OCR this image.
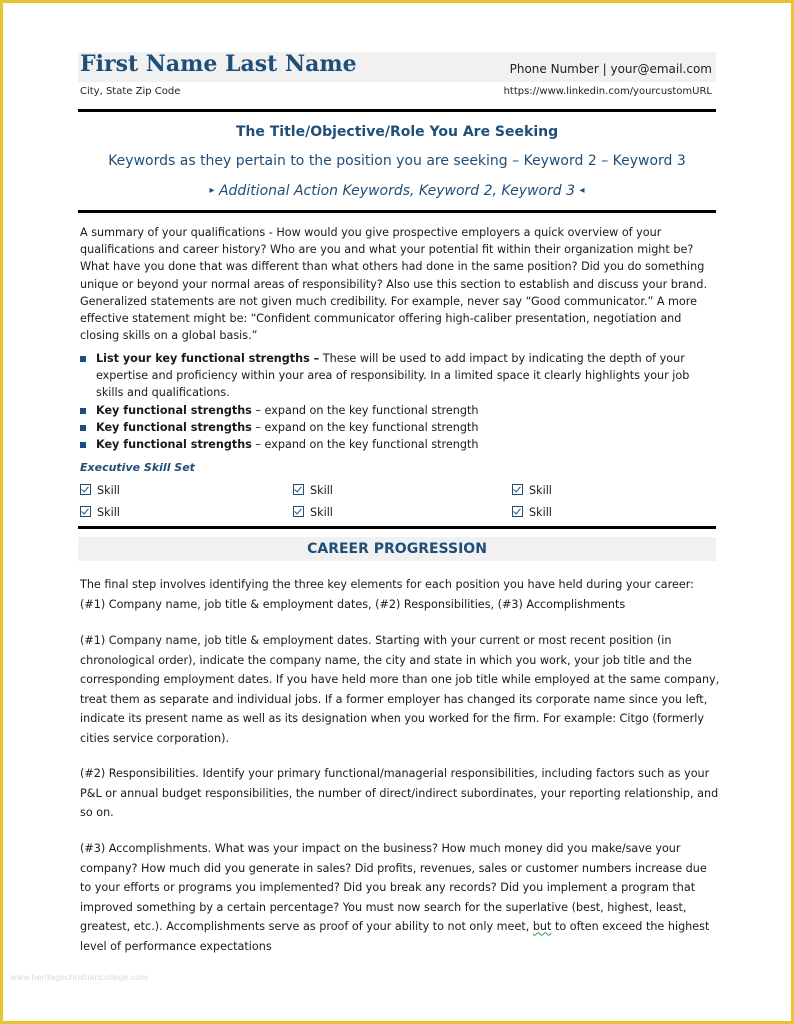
First Name Last Name	Phone Number | your@email.com
City, State Zip Code	https://www.linkedin.com/yourcustomURL
The Title/Objective/Role You Are Seeking
Keywords as they pertain to the position you are seeking – Keyword 2 – Keyword 3
▸ Additional Action Keywords, Keyword 2, Keyword 3 ◂

A summary of your qualifications - How would you give prospective employers a quick overview of your qualifications and career history? Who are you and what your potential fit within their organization might be? What have you done that was different than what others had done in the same position? Did you do something unique or beyond your normal areas of responsibility? Also use this section to establish and discuss your brand. Generalized statements are not given much credibility. For example, never say “Good communicator.” A more effective statement might be: “Confident communicator offering high-caliber presentation, negotiation and closing skills on a global basis.”

List your key functional strengths – These will be used to add impact by indicating the depth of your expertise and proficiency within your area of responsibility. In a limited space it clearly highlights your job skills and qualifications.
Key functional strengths – expand on the key functional strength
Key functional strengths – expand on the key functional strength
Key functional strengths – expand on the key functional strength
Executive Skill Set
Skill	Skill	Skill
Skill	Skill	Skill
CAREER PROGRESSION

The final step involves identifying the three key elements for each position you have held during your career: (#1) Company name, job title & employment dates, (#2) Responsibilities, (#3) Accomplishments

(#1) Company name, job title & employment dates. Starting with your current or most recent position (in chronological order), indicate the company name, the city and state in which you work, your job title and the corresponding employment dates. If you have held more than one job title while employed at the same company, treat them as separate and individual jobs. If a former employer has changed its corporate name since you left, indicate its present name as well as its designation when you worked for the firm. For example: Citgo (formerly cities service corporation).

(#2) Responsibilities. Identify your primary functional/managerial responsibilities, including factors such as your P&L or annual budget responsibilities, the number of direct/indirect subordinates, your reporting relationship, and so on.

(#3) Accomplishments. What was your impact on the business? How much money did you make/save your company? How much did you generate in sales? Did profits, revenues, sales or customer numbers increase due to your efforts or programs you implemented? Did you break any records? Did you implement a program that improved something by a certain percentage? You must now search for the superlative (best, highest, least, greatest, etc.). Accomplishments serve as proof of your ability to not only meet, but to often exceed the highest level of performance expectations

www.heritagechristiancollege.com
